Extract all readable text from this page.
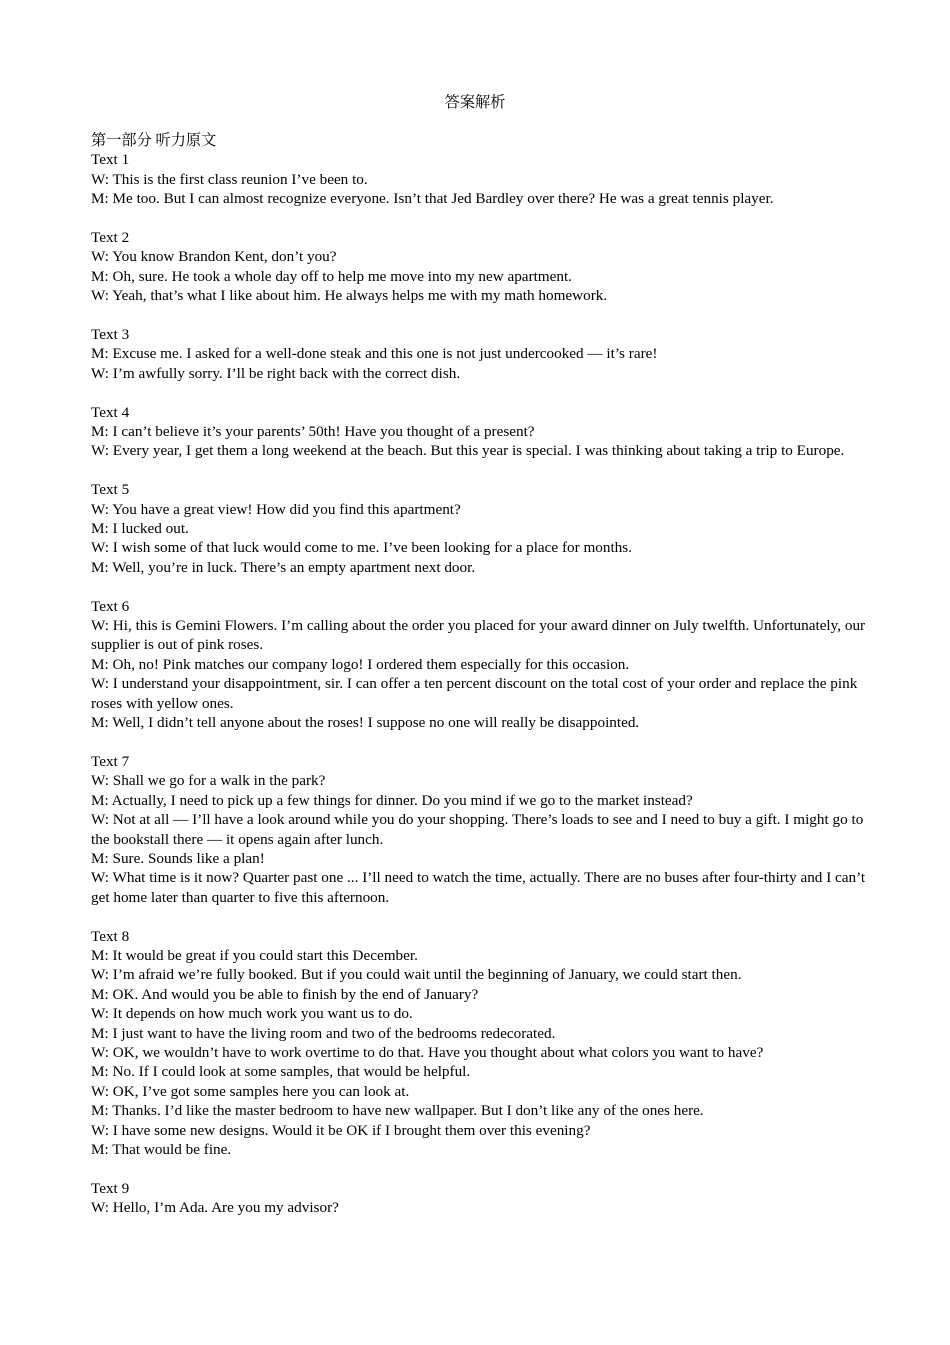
答案解析
第一部分 听力原文

Text 1

W: This is the first class reunion I’ve been to.

M: Me too. But I can almost recognize everyone. Isn’t that Jed Bardley over there? He was a great tennis player.

Text 2

W: You know Brandon Kent, don’t you?

M: Oh, sure. He took a whole day off to help me move into my new apartment.

W: Yeah, that’s what I like about him. He always helps me with my math homework.

Text 3

M: Excuse me. I asked for a well-done steak and this one is not just undercooked — it’s rare!

W: I’m awfully sorry. I’ll be right back with the correct dish.

Text 4

M: I can’t believe it’s your parents’ 50th! Have you thought of a present?

W: Every year, I get them a long weekend at the beach. But this year is special. I was thinking about taking a trip to Europe.

Text 5

W: You have a great view! How did you find this apartment?

M: I lucked out.

W: I wish some of that luck would come to me. I’ve been looking for a place for months.

M: Well, you’re in luck. There’s an empty apartment next door.

Text 6

W: Hi, this is Gemini Flowers. I’m calling about the order you placed for your award dinner on July twelfth. Unfortunately, our supplier is out of pink roses.

M: Oh, no! Pink matches our company logo! I ordered them especially for this occasion.

W: I understand your disappointment, sir. I can offer a ten percent discount on the total cost of your order and replace the pink roses with yellow ones.

M: Well, I didn’t tell anyone about the roses! I suppose no one will really be disappointed.

Text 7

W: Shall we go for a walk in the park?

M: Actually, I need to pick up a few things for dinner. Do you mind if we go to the market instead?

W: Not at all — I’ll have a look around while you do your shopping. There’s loads to see and I need to buy a gift. I might go to the bookstall there — it opens again after lunch.

M: Sure. Sounds like a plan!

W: What time is it now? Quarter past one ... I’ll need to watch the time, actually. There are no buses after four-thirty and I can’t get home later than quarter to five this afternoon.

Text 8

M: It would be great if you could start this December.

W: I’m afraid we’re fully booked. But if you could wait until the beginning of January, we could start then.

M: OK. And would you be able to finish by the end of January?

W: It depends on how much work you want us to do.

M: I just want to have the living room and two of the bedrooms redecorated.

W: OK, we wouldn’t have to work overtime to do that. Have you thought about what colors you want to have?

M: No. If I could look at some samples, that would be helpful.

W: OK, I’ve got some samples here you can look at.

M: Thanks. I’d like the master bedroom to have new wallpaper. But I don’t like any of the ones here.

W: I have some new designs. Would it be OK if I brought them over this evening?

M: That would be fine.

Text 9

W: Hello, I’m Ada. Are you my advisor?
